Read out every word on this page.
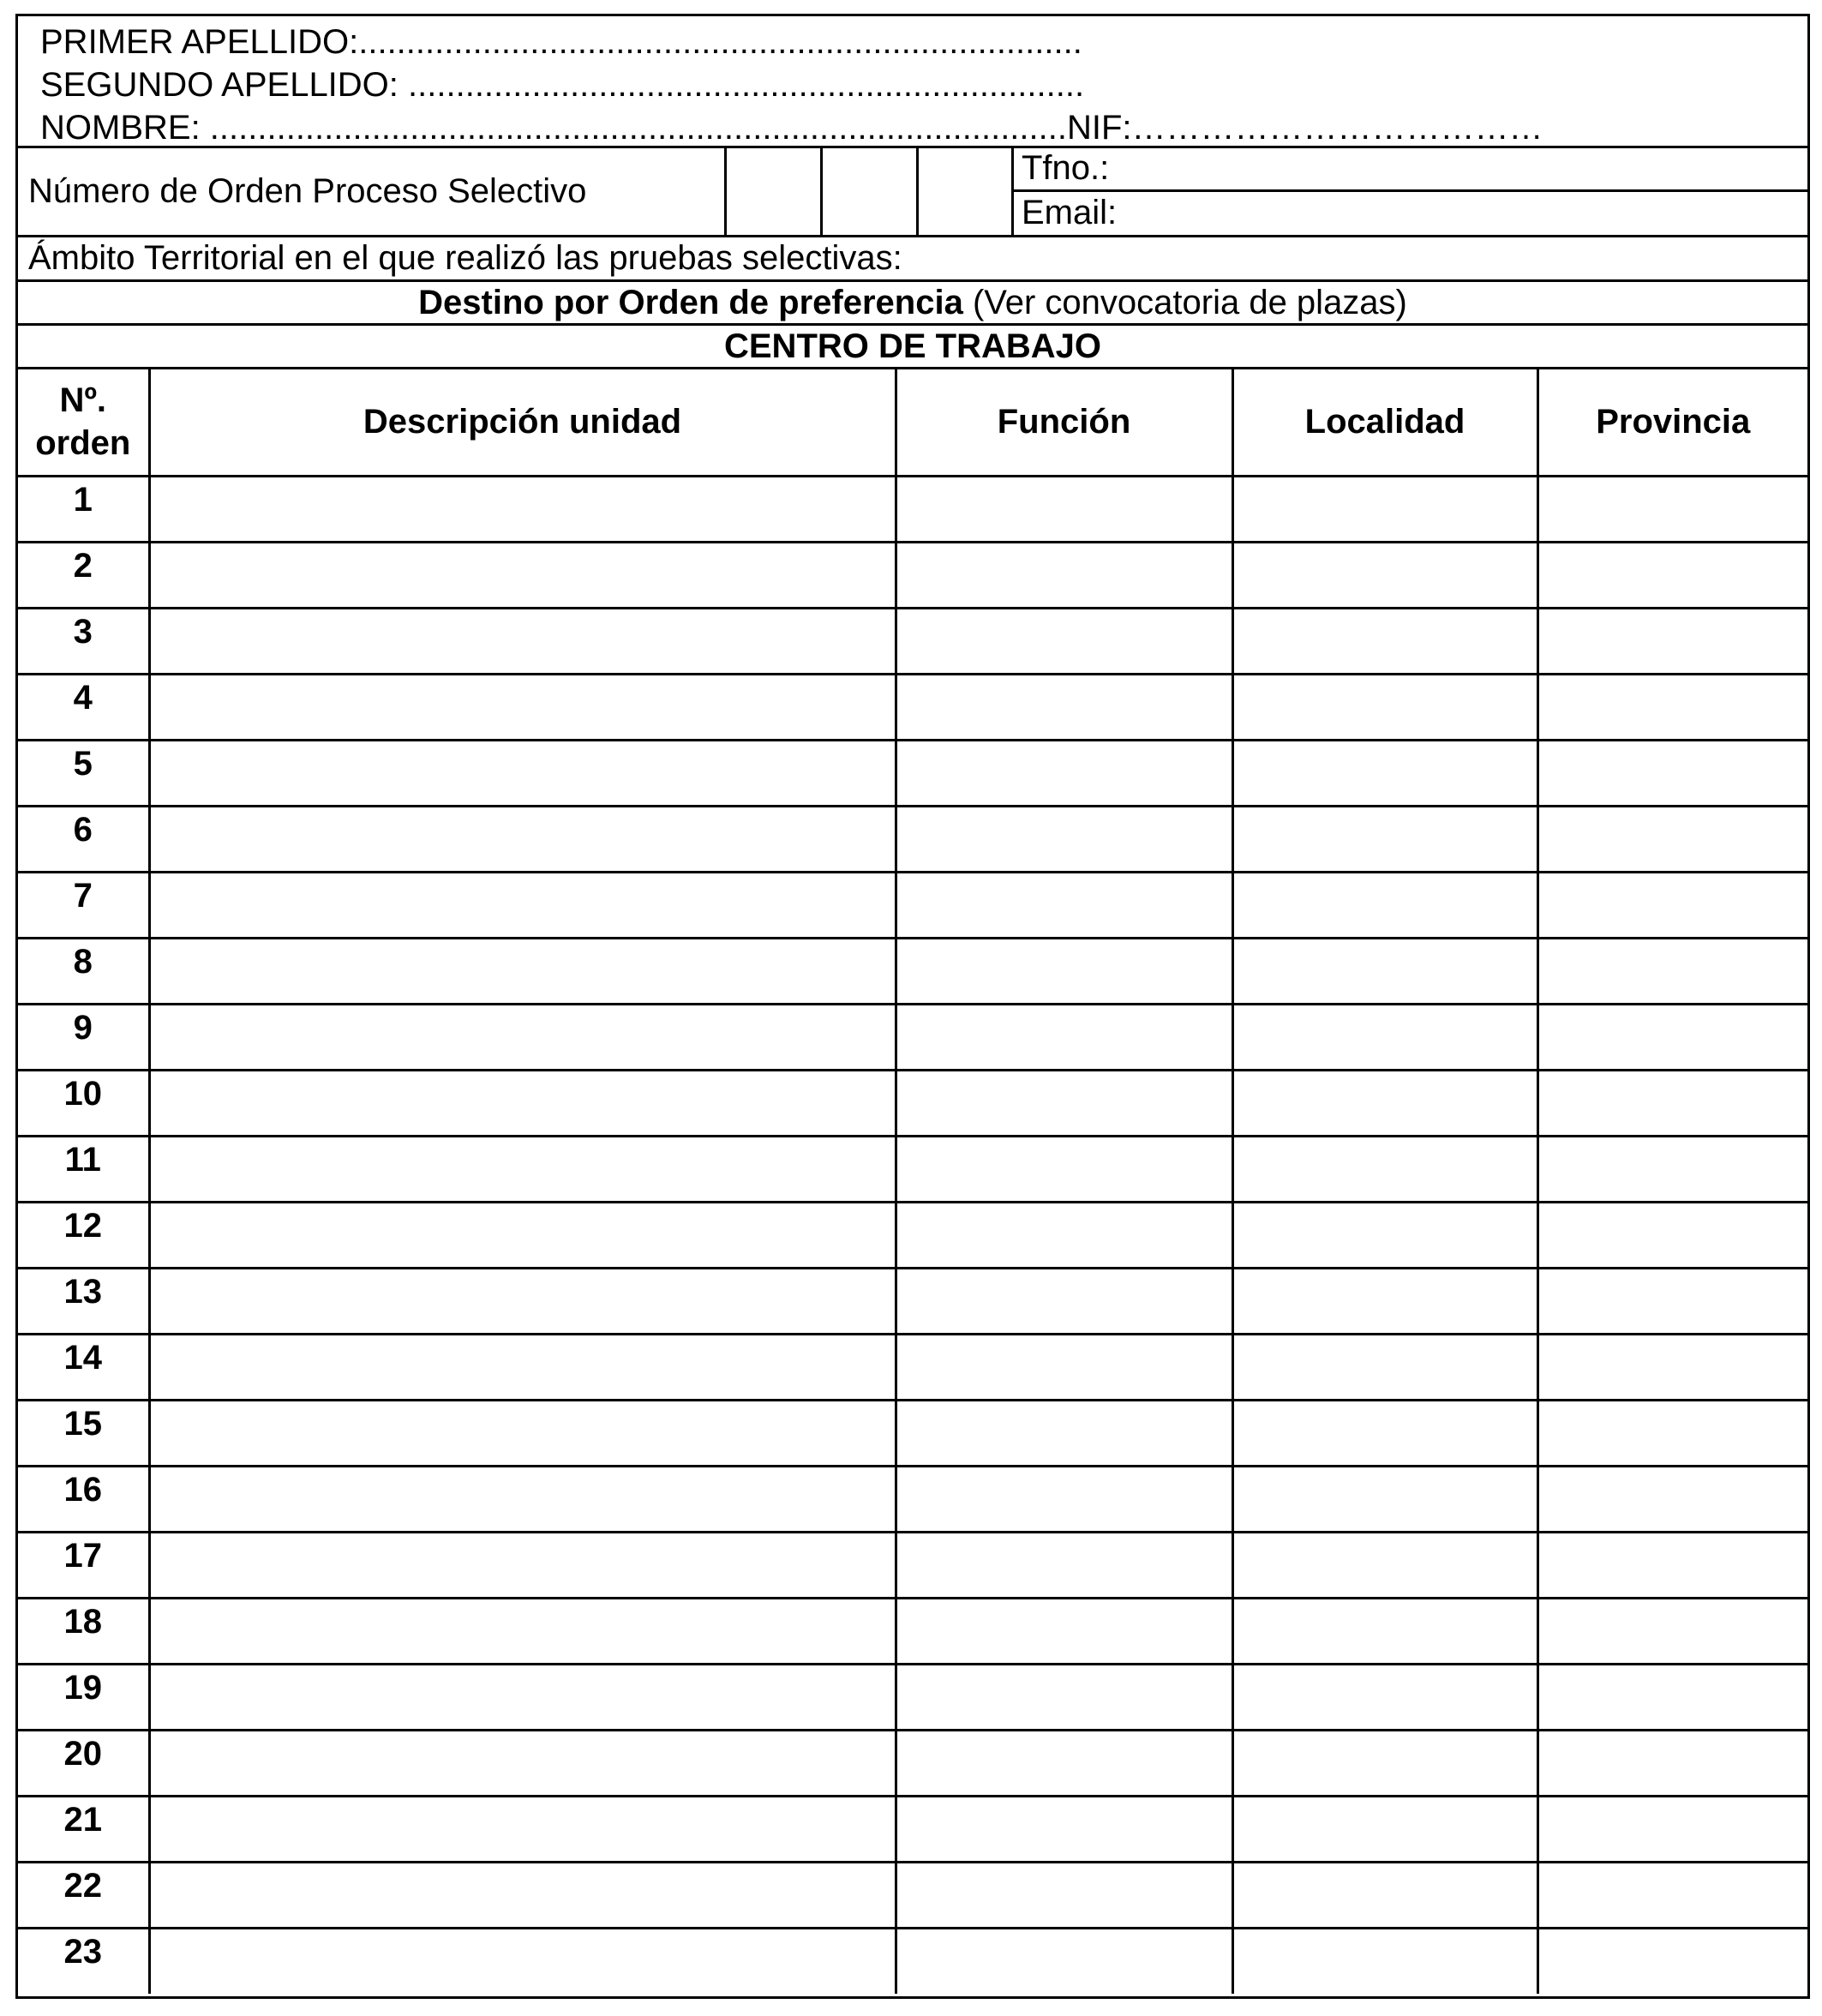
PRIMER APELLIDO:............................................................................
SEGUNDO APELLIDO: .......................................................................
NOMBRE: ..........................................................................................NIF:………………………………
Número de Orden Proceso Selectivo
Tfno.:
Email:
Ámbito Territorial en el que realizó las pruebas selectivas:
Destino por Orden de preferencia (Ver convocatoria de plazas)
CENTRO DE TRABAJO
Nº.
orden	Descripción unidad	Función	Localidad	Provincia
1				
2				
3				
4				
5				
6				
7				
8				
9				
10				
11				
12				
13				
14				
15				
16				
17				
18				
19				
20				
21				
22				
23				
